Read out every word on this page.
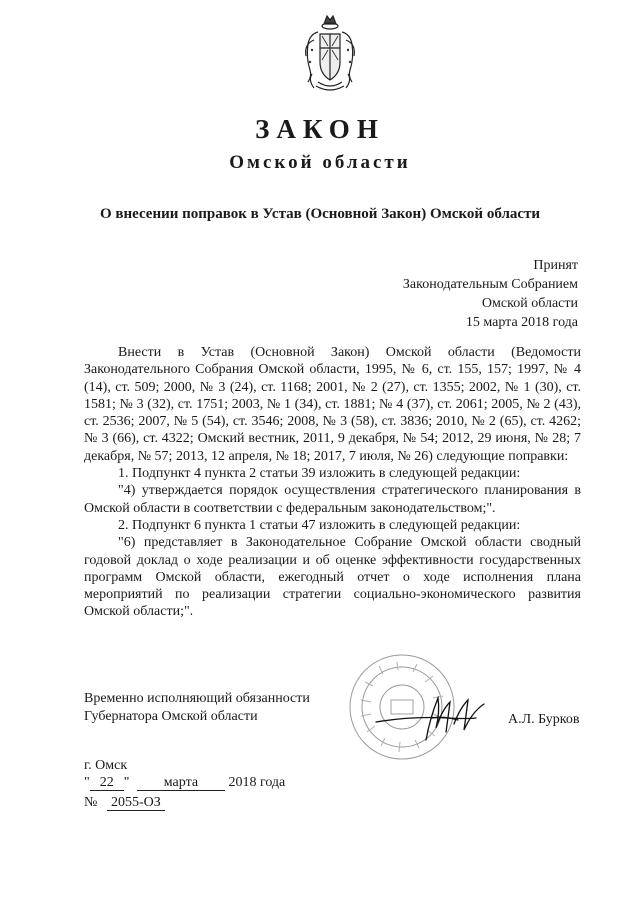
ЗАКОН
Омской области
О внесении поправок в Устав (Основной Закон) Омской области
Принят
Законодательным Собранием
Омской области
15 марта 2018 года

Внести в Устав (Основной Закон) Омской области (Ведомости Законодательного Собрания Омской области, 1995, № 6, ст. 155, 157; 1997, № 4 (14), ст. 509; 2000, № 3 (24), ст. 1168; 2001, № 2 (27), ст. 1355; 2002, № 1 (30), ст. 1581; № 3 (32), ст. 1751; 2003, № 1 (34), ст. 1881; № 4 (37), ст. 2061; 2005, № 2 (43), ст. 2536; 2007, № 5 (54), ст. 3546; 2008, № 3 (58), ст. 3836; 2010, № 2 (65), ст. 4262; № 3 (66), ст. 4322; Омский вестник, 2011, 9 декабря, № 54; 2012, 29 июня, № 28; 7 декабря, № 57; 2013, 12 апреля, № 18; 2017, 7 июля, № 26) следующие поправки:

1. Подпункт 4 пункта 2 статьи 39 изложить в следующей редакции:

"4) утверждается порядок осуществления стратегического планирования в Омской области в соответствии с федеральным законодательством;".

2. Подпункт 6 пункта 1 статьи 47 изложить в следующей редакции:

"6) представляет в Законодательное Собрание Омской области сводный годовой доклад о ходе реализации и об оценке эффективности государственных программ Омской области, ежегодный отчет о ходе исполнения плана мероприятий по реализации стратегии социально-экономического развития Омской области;".

Временно исполняющий обязанности
Губернатора Омской области	А.Л. Бурков
г. Омск
" 22 " марта 2018 года
№ 2055-ОЗ
